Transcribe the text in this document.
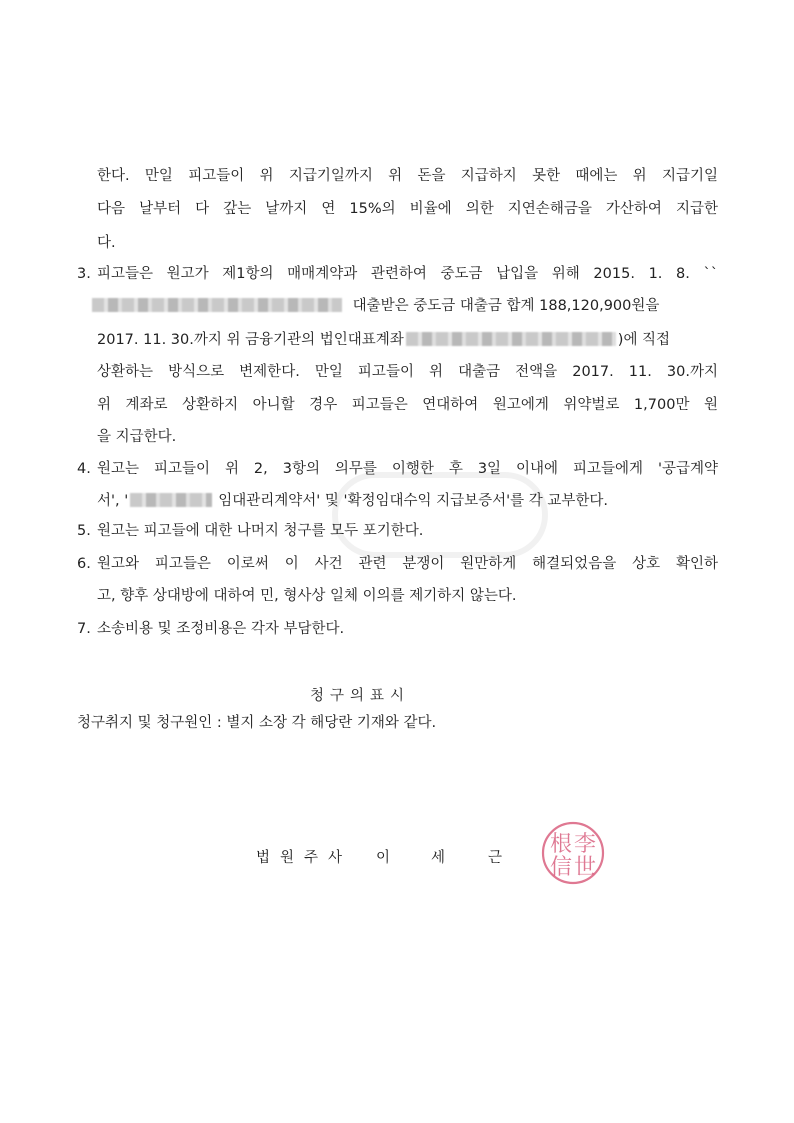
한다. 만일 피고들이 위 지급기일까지 위 돈을 지급하지 못한 때에는 위 지급기일
다음 날부터 다 갚는 날까지 연 15%의 비율에 의한 지연손해금을 가산하여 지급한
다.
3. 피고들은 원고가 제1항의 매매계약과 관련하여 중도금 납입을 위해 2015. 1. 8. ``
대출받은 중도금 대출금 합계 188,120,900원을
2017. 11. 30.까지 위 금융기관의 법인대표계좌	)에 직접
상환하는 방식으로 변제한다. 만일 피고들이 위 대출금 전액을 2017. 11. 30.까지
위 계좌로 상환하지 아니할 경우 피고들은 연대하여 원고에게 위약벌로 1,700만 원
을 지급한다.
4. 원고는 피고들이 위 2, 3항의 의무를 이행한 후 3일 이내에 피고들에게 '공급계약
서', '	임대관리계약서' 및 '확정임대수익 지급보증서'를 각 교부한다.
5. 원고는 피고들에 대한 나머지 청구를 모두 포기한다.
6. 원고와 피고들은 이로써 이 사건 관련 분쟁이 원만하게 해결되었음을 상호 확인하
고, 향후 상대방에 대하여 민, 형사상 일체 이의를 제기하지 않는다.
7. 소송비용 및 조정비용은 각자 부담한다.
청구의표시
청구취지 및 청구원인 : 별지 소장 각 해당란 기재와 같다.
법원주사 이	세	근
根 李
信 世
